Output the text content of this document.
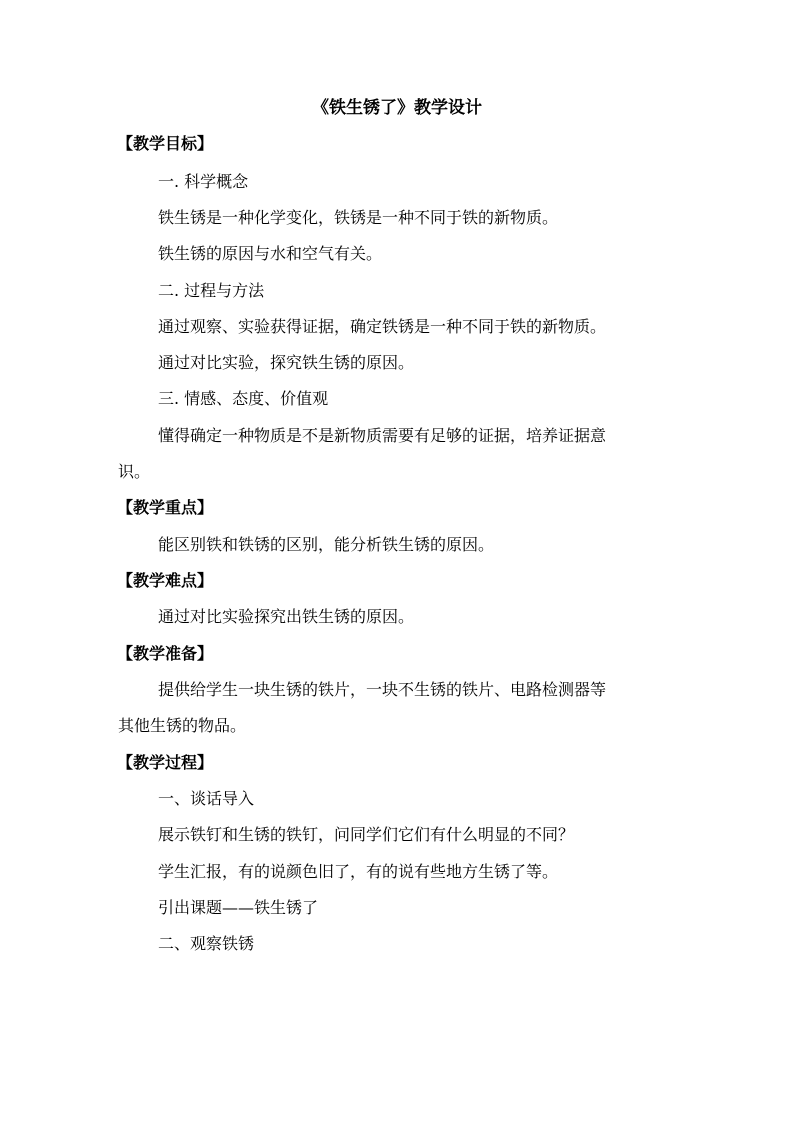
《铁生锈了》教学设计

【教学目标】

一. 科学概念

铁生锈是一种化学变化，铁锈是一种不同于铁的新物质。

铁生锈的原因与水和空气有关。

二. 过程与方法

通过观察、实验获得证据，确定铁锈是一种不同于铁的新物质。

通过对比实验，探究铁生锈的原因。

三. 情感、态度、价值观

懂得确定一种物质是不是新物质需要有足够的证据，培养证据意

识。

【教学重点】

能区别铁和铁锈的区别，能分析铁生锈的原因。

【教学难点】

通过对比实验探究出铁生锈的原因。

【教学准备】

提供给学生一块生锈的铁片，一块不生锈的铁片、电路检测器等

其他生锈的物品。

【教学过程】

一、谈话导入

展示铁钉和生锈的铁钉，问同学们它们有什么明显的不同？

学生汇报，有的说颜色旧了，有的说有些地方生锈了等。

引出课题——铁生锈了

二、观察铁锈
